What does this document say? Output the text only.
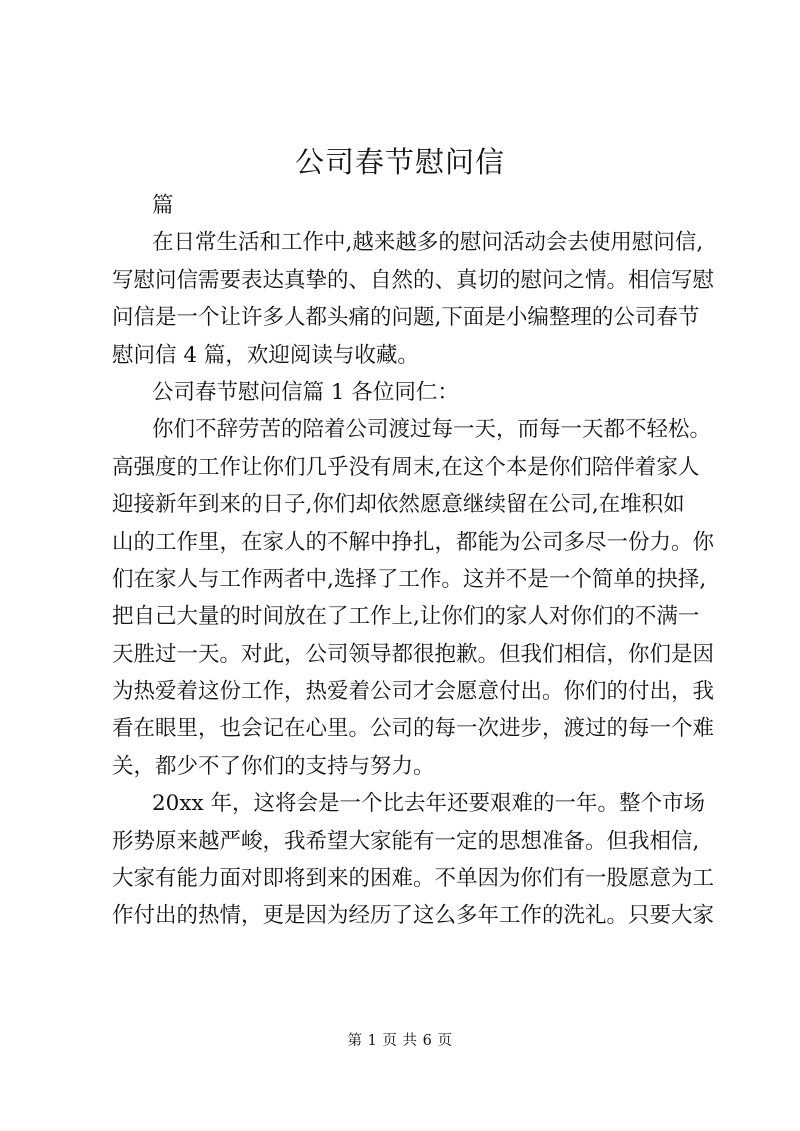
公司春节慰问信
篇
在日常生活和工作中,越来越多的慰问活动会去使用慰问信,
写慰问信需要表达真挚的、自然的、真切的慰问之情。相信写慰
问信是一个让许多人都头痛的问题,下面是小编整理的公司春节
慰问信 4 篇，欢迎阅读与收藏。
公司春节慰问信篇 1 各位同仁：
你们不辞劳苦的陪着公司渡过每一天，而每一天都不轻松。
高强度的工作让你们几乎没有周末,在这个本是你们陪伴着家人
迎接新年到来的日子,你们却依然愿意继续留在公司,在堆积如
山的工作里，在家人的不解中挣扎，都能为公司多尽一份力。你
们在家人与工作两者中,选择了工作。这并不是一个简单的抉择,
把自己大量的时间放在了工作上,让你们的家人对你们的不满一
天胜过一天。对此，公司领导都很抱歉。但我们相信，你们是因
为热爱着这份工作，热爱着公司才会愿意付出。你们的付出，我
看在眼里，也会记在心里。公司的每一次进步，渡过的每一个难
关，都少不了你们的支持与努力。
20xx 年，这将会是一个比去年还要艰难的一年。整个市场
形势原来越严峻，我希望大家能有一定的思想准备。但我相信,
大家有能力面对即将到来的困难。不单因为你们有一股愿意为工
作付出的热情，更是因为经历了这么多年工作的洗礼。只要大家
第 1 页 共 6 页
